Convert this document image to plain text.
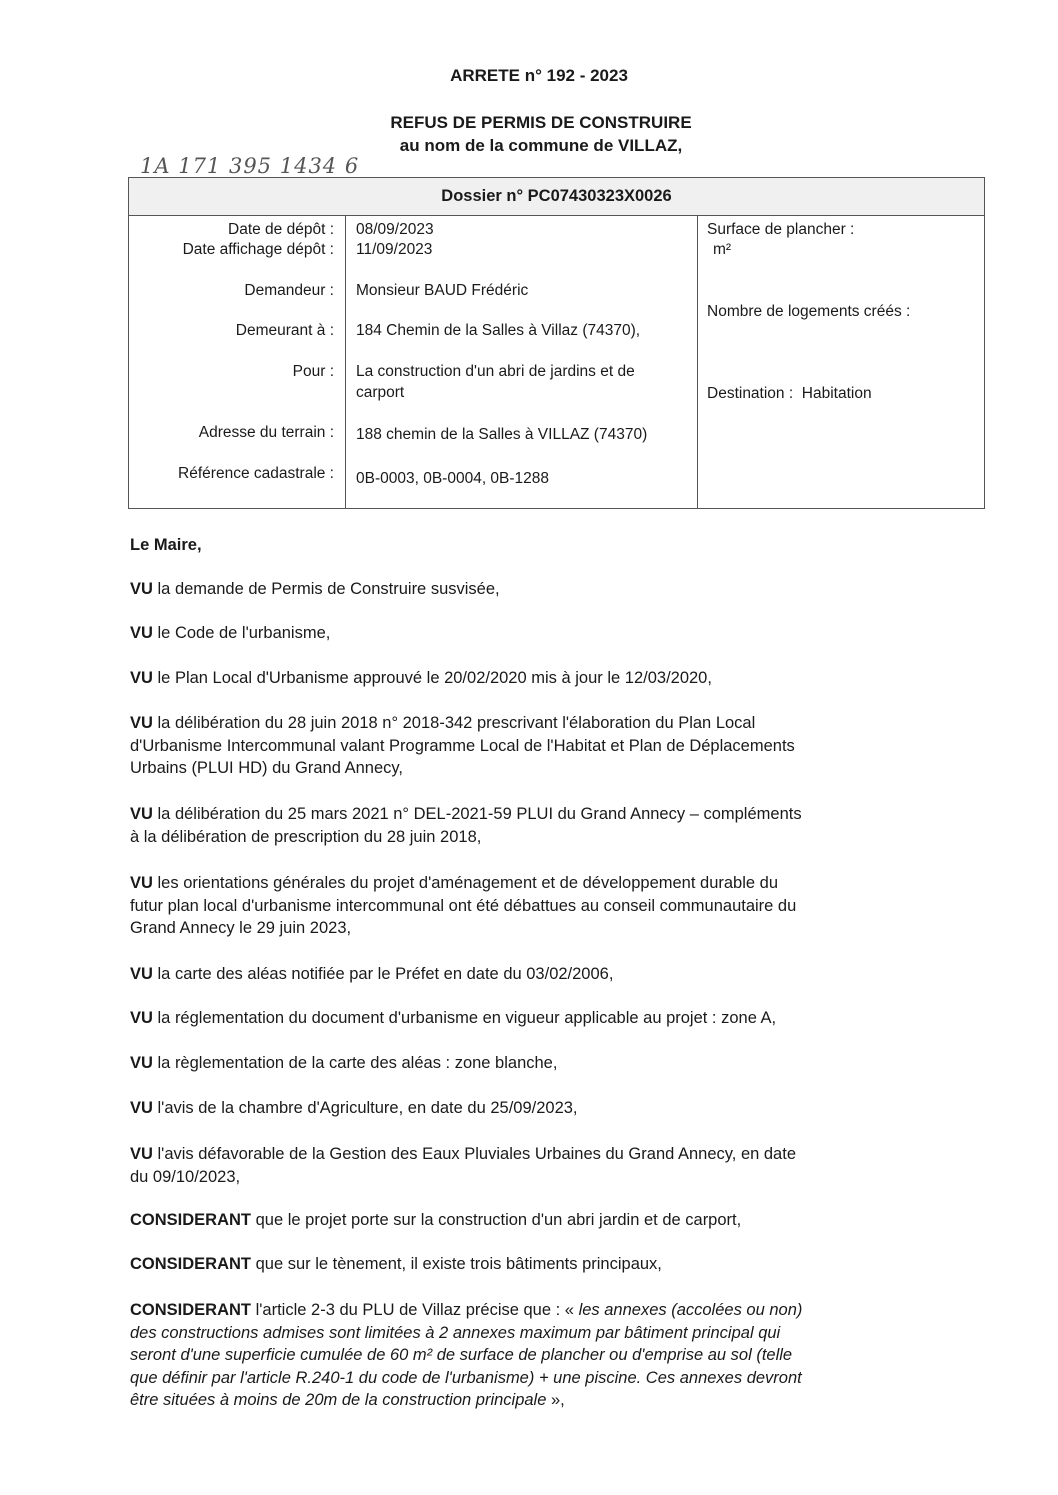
ARRETE n° 192 - 2023
REFUS DE PERMIS DE CONSTRUIRE
au nom de la commune de VILLAZ,
1A 171 395 1434 6
Dossier n° PC07430323X0026
Date de dépôt : 08/09/2023
Date affichage dépôt : 11/09/2023
Demandeur : Monsieur BAUD Frédéric
Demeurant à : 184 Chemin de la Salles à Villaz (74370),
Pour : La construction d'un abri de jardins et de
carport
Adresse du terrain : 188 chemin de la Salles à VILLAZ (74370)
Référence cadastrale : 0B-0003, 0B-0004, 0B-1288
Surface de plancher :
m²
Nombre de logements créés :
Destination : Habitation
Le Maire,
VU la demande de Permis de Construire susvisée,
VU le Code de l'urbanisme,
VU le Plan Local d'Urbanisme approuvé le 20/02/2020 mis à jour le 12/03/2020,
VU la délibération du 28 juin 2018 n° 2018-342 prescrivant l'élaboration du Plan Local
d'Urbanisme Intercommunal valant Programme Local de l'Habitat et Plan de Déplacements
Urbains (PLUI HD) du Grand Annecy,
VU la délibération du 25 mars 2021 n° DEL-2021-59 PLUI du Grand Annecy – compléments
à la délibération de prescription du 28 juin 2018,
VU les orientations générales du projet d'aménagement et de développement durable du
futur plan local d'urbanisme intercommunal ont été débattues au conseil communautaire du
Grand Annecy le 29 juin 2023,
VU la carte des aléas notifiée par le Préfet en date du 03/02/2006,
VU la réglementation du document d'urbanisme en vigueur applicable au projet : zone A,
VU la règlementation de la carte des aléas : zone blanche,
VU l'avis de la chambre d'Agriculture, en date du 25/09/2023,
VU l'avis défavorable de la Gestion des Eaux Pluviales Urbaines du Grand Annecy, en date
du 09/10/2023,
CONSIDERANT que le projet porte sur la construction d'un abri jardin et de carport,
CONSIDERANT que sur le tènement, il existe trois bâtiments principaux,
CONSIDERANT l'article 2-3 du PLU de Villaz précise que : « les annexes (accolées ou non)
des constructions admises sont limitées à 2 annexes maximum par bâtiment principal qui
seront d'une superficie cumulée de 60 m² de surface de plancher ou d'emprise au sol (telle
que définir par l'article R.240-1 du code de l'urbanisme) + une piscine. Ces annexes devront
être situées à moins de 20m de la construction principale »,
